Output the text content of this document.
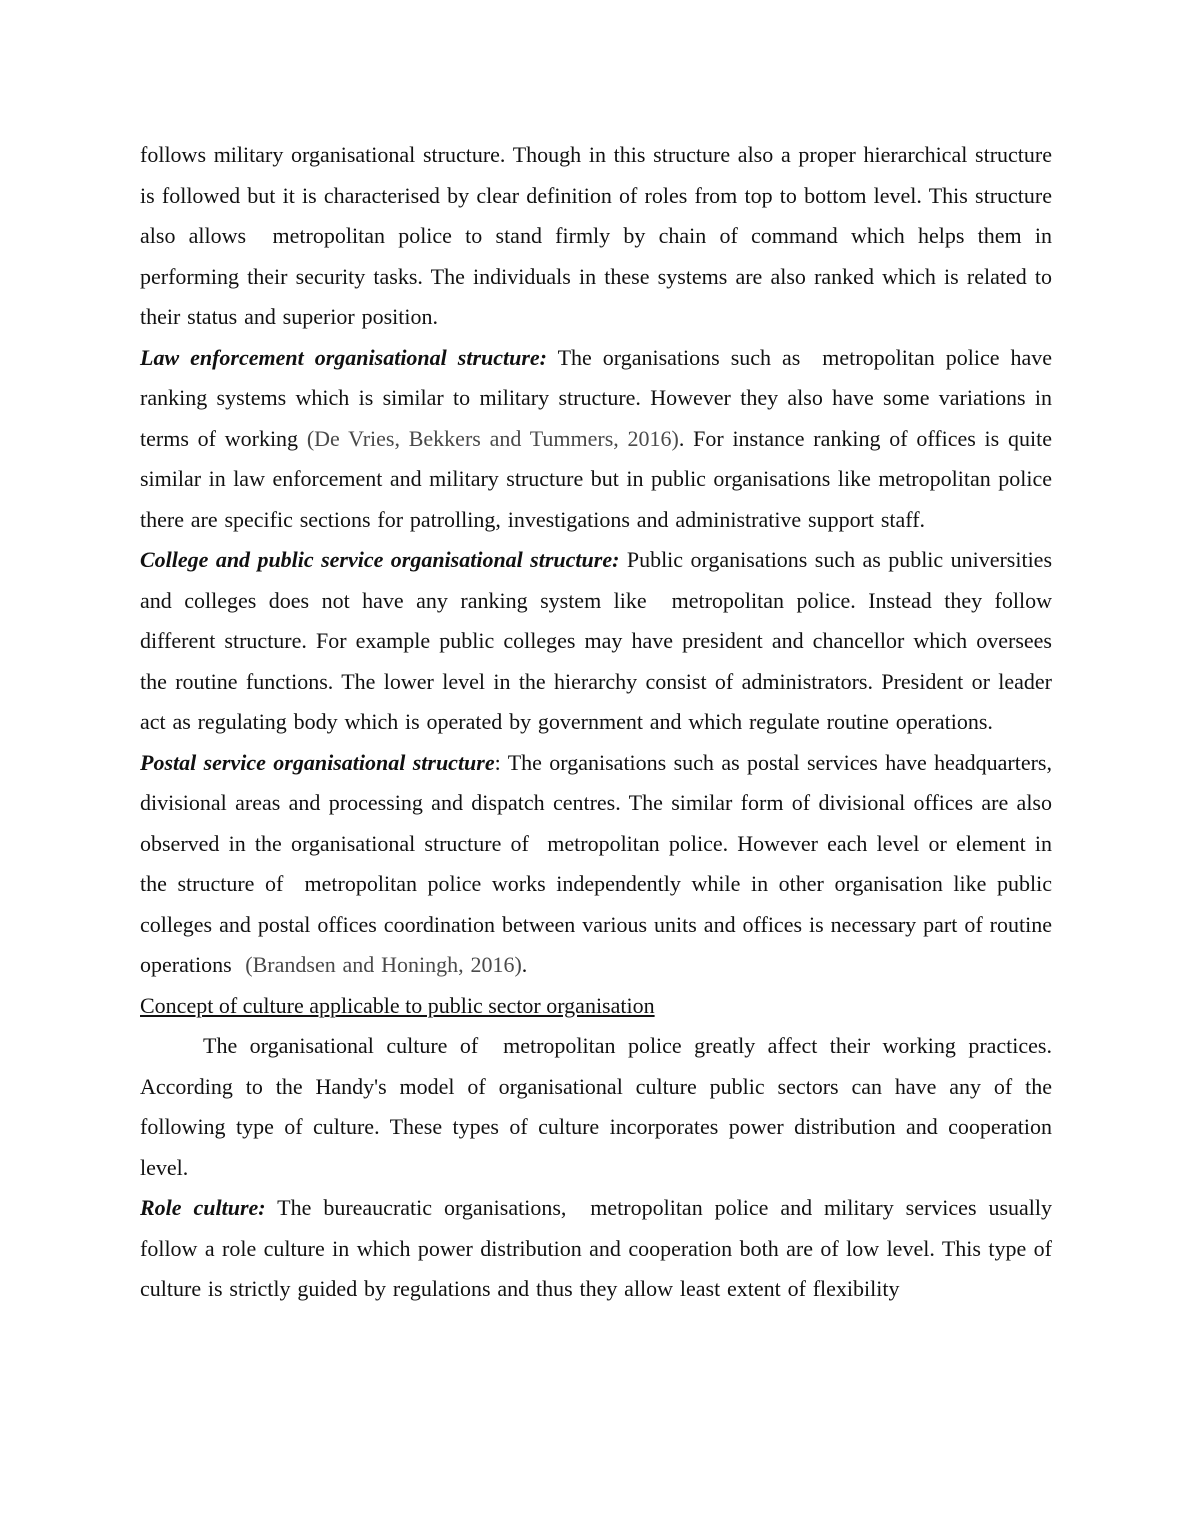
follows military organisational structure. Though in this structure also a proper hierarchical structure is followed but it is characterised by clear definition of roles from top to bottom level. This structure also allows  metropolitan police to stand firmly by chain of command which helps them in performing their security tasks. The individuals in these systems are also ranked which is related to their status and superior position.

Law enforcement organisational structure: The organisations such as  metropolitan police have ranking systems which is similar to military structure. However they also have some variations in terms of working (De Vries, Bekkers and Tummers, 2016). For instance ranking of offices is quite similar in law enforcement and military structure but in public organisations like metropolitan police there are specific sections for patrolling, investigations and administrative support staff.

College and public service organisational structure: Public organisations such as public universities and colleges does not have any ranking system like  metropolitan police. Instead they follow different structure. For example public colleges may have president and chancellor which oversees the routine functions. The lower level in the hierarchy consist of administrators. President or leader act as regulating body which is operated by government and which regulate routine operations.

Postal service organisational structure: The organisations such as postal services have headquarters, divisional areas and processing and dispatch centres. The similar form of divisional offices are also observed in the organisational structure of  metropolitan police. However each level or element in the structure of  metropolitan police works independently while in other organisation like public colleges and postal offices coordination between various units and offices is necessary part of routine operations  (Brandsen and Honingh, 2016).

Concept of culture applicable to public sector organisation

The organisational culture of  metropolitan police greatly affect their working practices. According to the Handy's model of organisational culture public sectors can have any of the following type of culture. These types of culture incorporates power distribution and cooperation level.

Role culture: The bureaucratic organisations,  metropolitan police and military services usually follow a role culture in which power distribution and cooperation both are of low level. This type of culture is strictly guided by regulations and thus they allow least extent of flexibility
